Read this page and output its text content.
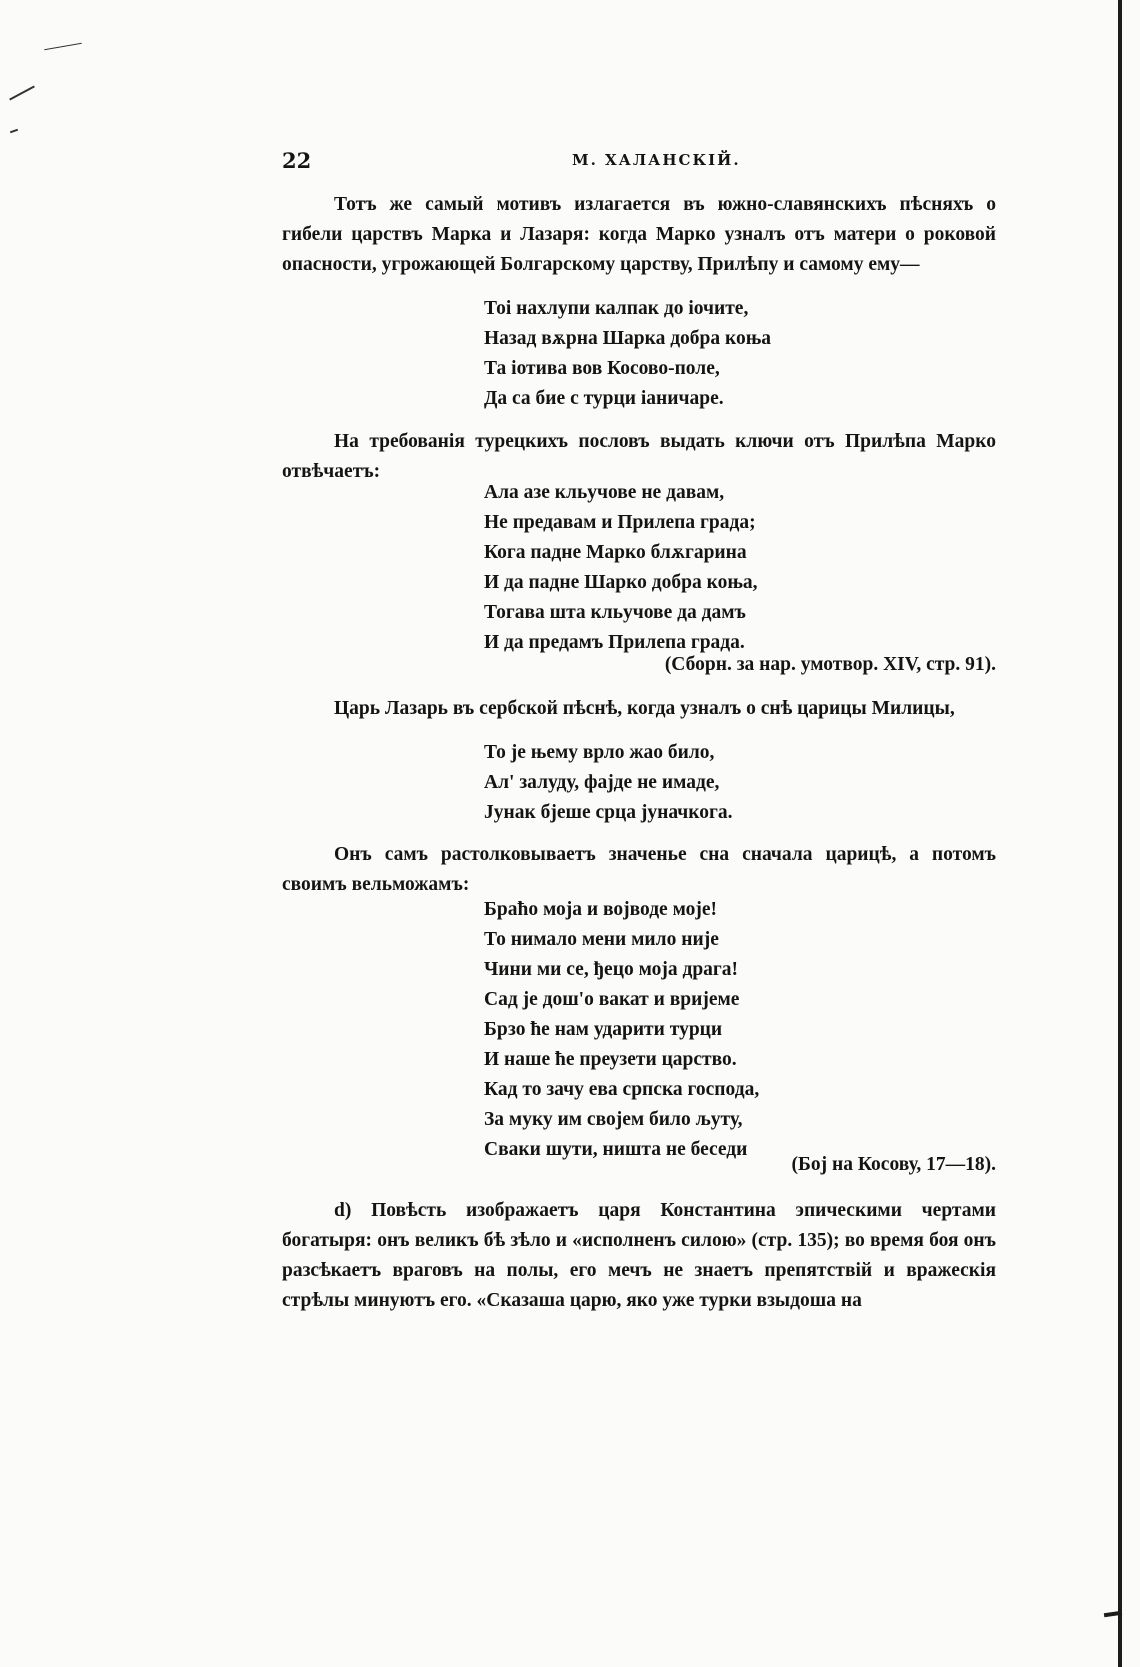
22	М. ХАЛАНСКІЙ.
Тотъ же самый мотивъ излагается въ южно-славянскихъ пѣсняхъ о гибели царствъ Марка и Лазаря: когда Марко узналъ отъ матери о роковой опасности, угрожающей Болгарскому царству, Прилѣпу и самому ему—
Тоі нахлупи калпак до іочите,
Назад вѫрна Шарка добра коња
Та іотива вов Косово-поле,
Да са бие с турци іаничаре.
На требованія турецкихъ пословъ выдать ключи отъ Прилѣпа Марко отвѣчаетъ:
Ала азе кльучове не давам,
Не предавам и Прилепа града;
Кога падне Марко блѫгарина
И да падне Шарко добра коња,
Тогава шта кльучове да дамъ
И да предамъ Прилепа града.
(Сборн. за нар. умотвор. XIV, стр. 91).
Царь Лазарь въ сербской пѣснѣ, когда узналъ о снѣ царицы Милицы,
То је њему врло жао било,
Ал' залуду, фајде не имаде,
Јунак бјеше срца јуначкога.
Онъ самъ растолковываетъ значенье сна сначала царицѣ, а потомъ своимъ вельможамъ:
Браћо моја и војводе моје!
То нимало мени мило није
Чини ми се, ђецо моја драга!
Сад је дош'о вакат и вријеме
Брзо ће нам ударити турци
И наше ће преузети царство.
Кад то зачу ева српска господа,
За муку им својем било љуту,
Сваки шути, ништа не беседи
(Бој на Косову, 17—18).
d) Повѣсть изображаетъ царя Константина эпическими чертами богатыря: онъ великъ бѣ зѣло и «исполненъ силою» (стр. 135); во время боя онъ разсѣкаетъ враговъ на полы, его мечъ не знаетъ препятствій и вражескія стрѣлы минуютъ его. «Сказаша царю, яко уже турки взыдоша на
